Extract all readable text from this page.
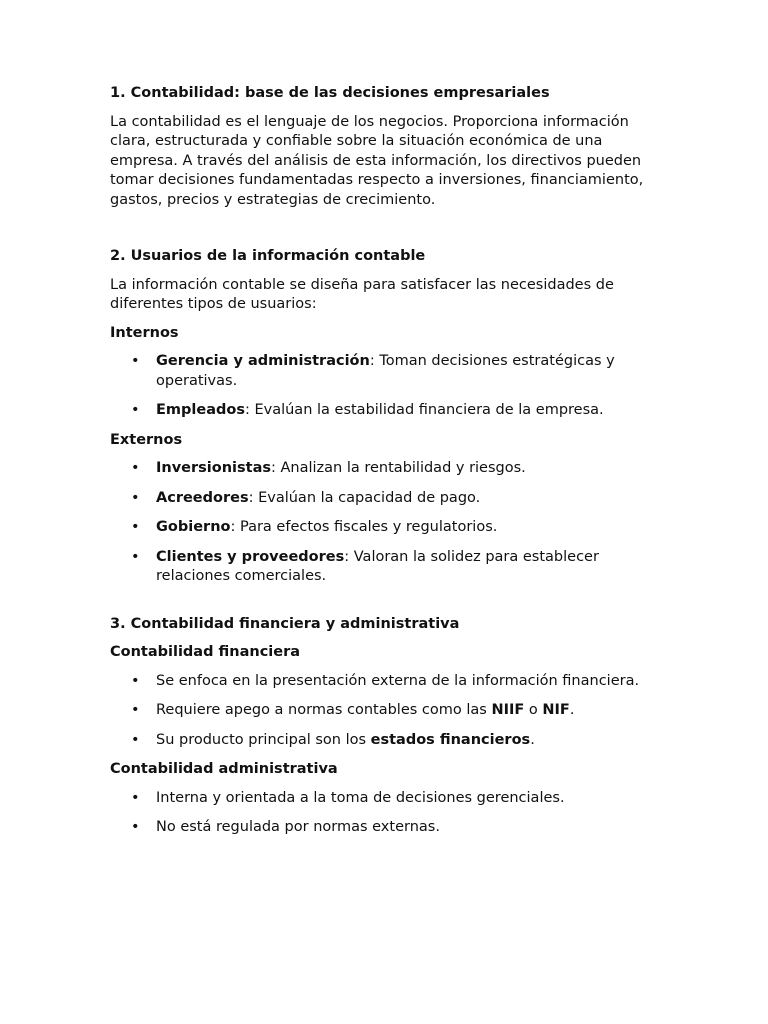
1. Contabilidad: base de las decisiones empresariales

La contabilidad es el lenguaje de los negocios. Proporciona información clara, estructurada y confiable sobre la situación económica de una empresa. A través del análisis de esta información, los directivos pueden tomar decisiones fundamentadas respecto a inversiones, financiamiento, gastos, precios y estrategias de crecimiento.

2. Usuarios de la información contable

La información contable se diseña para satisfacer las necesidades de diferentes tipos de usuarios:

Internos
• Gerencia y administración: Toman decisiones estratégicas y operativas.
• Empleados: Evalúan la estabilidad financiera de la empresa.
Externos
• Inversionistas: Analizan la rentabilidad y riesgos.
• Acreedores: Evalúan la capacidad de pago.
• Gobierno: Para efectos fiscales y regulatorios.
• Clientes y proveedores: Valoran la solidez para establecer relaciones comerciales.
3. Contabilidad financiera y administrativa
Contabilidad financiera
• Se enfoca en la presentación externa de la información financiera.
• Requiere apego a normas contables como las NIIF o NIF.
• Su producto principal son los estados financieros.
Contabilidad administrativa
• Interna y orientada a la toma de decisiones gerenciales.
• No está regulada por normas externas.
